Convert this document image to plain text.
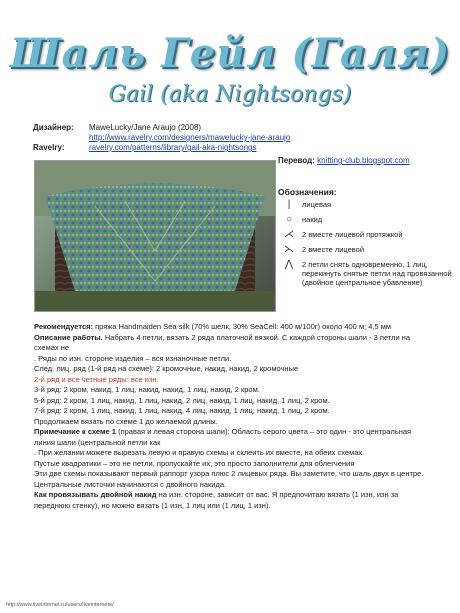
Шаль Гейл (Галя)
Gail (aka Nightsongs)
Дизайнер:	MaweLucky/Jane Araujo (2008)
http://www.ravelry.com/designers/mawelucky-jane-araujo
Ravelry:	ravelry.com/patterns/library/gail-aka-nightsongs
Перевод: knitting-club.blogspot.com
Обозначения:
|	лицевая
○	накид
⋌	2 вместе лицевой протяжкой
⋋	2 вместе лицевой
⋀	2 петли снять одновременно, 1 лиц, перекинуть снятые петли над провязанной (двойное центральное убавление)

Рекомендуется: пряжа Handmaiden Sea silk (70% шелк, 30% SeaCell: 400 м/100г) около 400 м; 4,5 мм

Описание работы. Набрать 4 петли, вязать 2 ряда платочной вязкой. С каждой стороны шали - 3 петли на схемах не

. Ряды по изн. стороне изделия – вся изнаночные петли.

След. лиц. ряд (1-й ряд на схеме): 2 кромочные, накид, накид, 2 кромочные

2-й ряд и все четные ряды: все изн.

3-й ряд: 2 кром, накид, 1 лиц, накид, накид, 1 лиц, накид, 2 кром.

5-й ряд: 2 кром, 1 лиц, накид, 1 лиц, накид, 2 лиц, накид, 1 лиц, накид, 1 лиц, 2 кром.

7-й ряд: 2 кром, 1 лиц, накид, 1 лиц, накид, 4 лиц, накид, 1 лиц, накид, 1 лиц, 2 кром.

Продолжаем вязать по схеме 1 до желаемой длины.

Примечание к схеме 1 (правая и левая сторона шали): Область серого цвета – это один - это центральная линия шали (центральной петли как

. При желании можете вырезать левую и правую схемы и склеить их вместе, на обеих схемах.

Пустые квадратики – это не петли, пропускайте их, это просто заполнители для облегчения

Эти две схемы показывают первый раппорт узора плюс 2 лицевых ряда. Вы заметите, что шаль двух в центре.

Центральные листочки начинаются с двойного накида.

Как провязывать двойной накид на изн. стороне, зависит от вас. Я предпочитаю вязать (1 изн, изн за переднюю стенку), но можно вязать (1 изн, 1 лиц или (1 лиц, 1 изн).

http://www.liveinternet.ru/users/liveinternete/
